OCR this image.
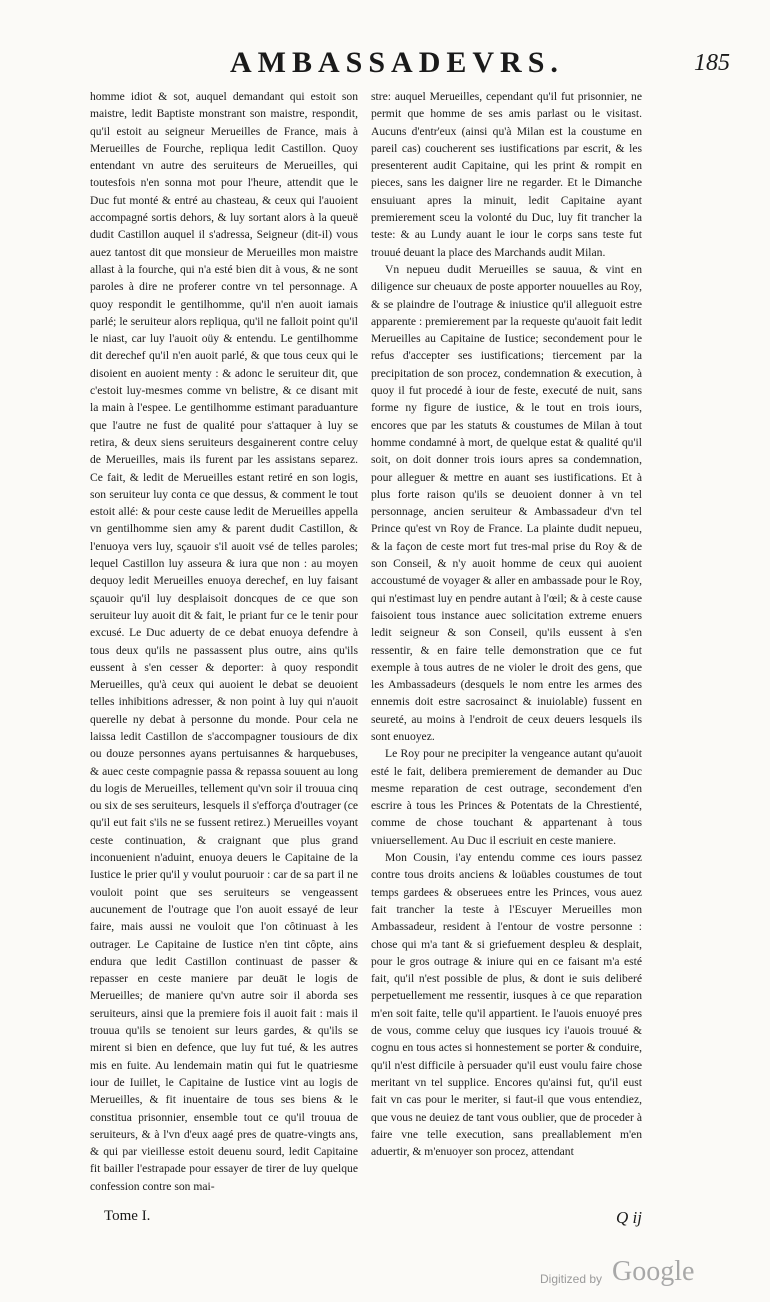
AMBASSADEVRS.	185

homme idiot & sot, auquel demandant qui estoit son maistre, ledit Baptiste monstrant son maistre, respondit, qu'il estoit au seigneur Merueilles de France, mais à Merueilles de Fourche, repliqua ledit Castillon. Quoy entendant vn autre des seruiteurs de Merueilles, qui toutesfois n'en sonna mot pour l'heure, attendit que le Duc fut monté & entré au chasteau, & ceux qui l'auoient accompagné sortis dehors, & luy sortant alors à la queuë dudit Castillon auquel il s'adressa, Seigneur (dit-il) vous auez tantost dit que monsieur de Merueilles mon maistre allast à la fourche, qui n'a esté bien dit à vous, & ne sont paroles à dire ne proferer contre vn tel personnage. A quoy respondit le gentilhomme, qu'il n'en auoit iamais parlé; le seruiteur alors repliqua, qu'il ne falloit point qu'il le niast, car luy l'auoit oüy & entendu. Le gentilhomme dit derechef qu'il n'en auoit parlé, & que tous ceux qui le disoient en auoient menty : & adonc le seruiteur dit, que c'estoit luy-mesmes comme vn belistre, & ce disant mit la main à l'espee. Le gentilhomme estimant paraduanture que l'autre ne fust de qualité pour s'attaquer à luy se retira, & deux siens seruiteurs desgainerent contre celuy de Merueilles, mais ils furent par les assistans separez. Ce fait, & ledit de Merueilles estant retiré en son logis, son seruiteur luy conta ce que dessus, & comment le tout estoit allé: & pour ceste cause ledit de Merueilles appella vn gentilhomme sien amy & parent dudit Castillon, & l'enuoya vers luy, sçauoir s'il auoit vsé de telles paroles; lequel Castillon luy asseura & iura que non : au moyen dequoy ledit Merueilles enuoya derechef, en luy faisant sçauoir qu'il luy desplaisoit doncques de ce que son seruiteur luy auoit dit & fait, le priant fur ce le tenir pour excusé. Le Duc aduerty de ce debat enuoya defendre à tous deux qu'ils ne passassent plus outre, ains qu'ils eussent à s'en cesser & deporter: à quoy respondit Merueilles, qu'à ceux qui auoient le debat se deuoient telles inhibitions adresser, & non point à luy qui n'auoit querelle ny debat à personne du monde. Pour cela ne laissa ledit Castillon de s'accompagner tousiours de dix ou douze personnes ayans pertuisannes & harquebuses, & auec ceste compagnie passa & repassa souuent au long du logis de Merueilles, tellement qu'vn soir il trouua cinq ou six de ses seruiteurs, lesquels il s'efforça d'outrager (ce qu'il eut fait s'ils ne se fussent retirez.) Merueilles voyant ceste continuation, & craignant que plus grand inconuenient n'aduint, enuoya deuers le Capitaine de la Iustice le prier qu'il y voulut pouruoir : car de sa part il ne vouloit point que ses seruiteurs se vengeassent aucunement de l'outrage que l'on auoit essayé de leur faire, mais aussi ne vouloit que l'on côtinuast à les outrager. Le Capitaine de Iustice n'en tint côpte, ains endura que ledit Castillon continuast de passer & repasser en ceste maniere par deuāt le logis de Merueilles; de maniere qu'vn autre soir il aborda ses seruiteurs, ainsi que la premiere fois il auoit fait : mais il trouua qu'ils se tenoient sur leurs gardes, & qu'ils se mirent si bien en defence, que luy fut tué, & les autres mis en fuite. Au lendemain matin qui fut le quatriesme iour de Iuillet, le Capitaine de Iustice vint au logis de Merueilles, & fit inuentaire de tous ses biens & le constitua prisonnier, ensemble tout ce qu'il trouua de seruiteurs, & à l'vn d'eux aagé pres de quatre-vingts ans, & qui par vieillesse estoit deuenu sourd, ledit Capitaine fit bailler l'estrapade pour essayer de tirer de luy quelque confession contre son mai-

stre: auquel Merueilles, cependant qu'il fut prisonnier, ne permit que homme de ses amis parlast ou le visitast. Aucuns d'entr'eux (ainsi qu'à Milan est la coustume en pareil cas) coucherent ses iustifications par escrit, & les presenterent audit Capitaine, qui les print & rompit en pieces, sans les daigner lire ne regarder. Et le Dimanche ensuiuant apres la minuit, ledit Capitaine ayant premierement sceu la volonté du Duc, luy fit trancher la teste: & au Lundy auant le iour le corps sans teste fut trouué deuant la place des Marchands audit Milan.

Vn nepueu dudit Merueilles se sauua, & vint en diligence sur cheuaux de poste apporter nouuelles au Roy, & se plaindre de l'outrage & iniustice qu'il alleguoit estre apparente : premierement par la requeste qu'auoit fait ledit Merueilles au Capitaine de Iustice; secondement pour le refus d'accepter ses iustifications; tiercement par la precipitation de son procez, condemnation & execution, à quoy il fut procedé à iour de feste, executé de nuit, sans forme ny figure de iustice, & le tout en trois iours, encores que par les statuts & coustumes de Milan à tout homme condamné à mort, de quelque estat & qualité qu'il soit, on doit donner trois iours apres sa condemnation, pour alleguer & mettre en auant ses iustifications. Et à plus forte raison qu'ils se deuoient donner à vn tel personnage, ancien seruiteur & Ambassadeur d'vn tel Prince qu'est vn Roy de France. La plainte dudit nepueu, & la façon de ceste mort fut tres-mal prise du Roy & de son Conseil, & n'y auoit homme de ceux qui auoient accoustumé de voyager & aller en ambassade pour le Roy, qui n'estimast luy en pendre autant à l'œil; & à ceste cause faisoient tous instance auec solicitation extreme enuers ledit seigneur & son Conseil, qu'ils eussent à s'en ressentir, & en faire telle demonstration que ce fut exemple à tous autres de ne violer le droit des gens, que les Ambassadeurs (desquels le nom entre les armes des ennemis doit estre sacrosainct & inuiolable) fussent en seureté, au moins à l'endroit de ceux deuers lesquels ils sont enuoyez.

Le Roy pour ne precipiter la vengeance autant qu'auoit esté le fait, delibera premierement de demander au Duc mesme reparation de cest outrage, secondement d'en escrire à tous les Princes & Potentats de la Chrestienté, comme de chose touchant & appartenant à tous vniuersellement. Au Duc il escriuit en ceste maniere.

Mon Cousin, i'ay entendu comme ces iours passez contre tous droits anciens & loüables coustumes de tout temps gardees & obseruees entre les Princes, vous auez fait trancher la teste à l'Escuyer Merueilles mon Ambassadeur, resident à l'entour de vostre personne : chose qui m'a tant & si griefuement despleu & desplait, pour le gros outrage & iniure qui en ce faisant m'a esté fait, qu'il n'est possible de plus, & dont ie suis deliberé perpetuellement me ressentir, iusques à ce que reparation m'en soit faite, telle qu'il appartient. Ie l'auois enuoyé pres de vous, comme celuy que iusques icy i'auois trouué & cognu en tous actes si honnestement se porter & conduire, qu'il n'est difficile à persuader qu'il eust voulu faire chose meritant vn tel supplice. Encores qu'ainsi fut, qu'il eust fait vn cas pour le meriter, si faut-il que vous entendiez, que vous ne deuiez de tant vous oublier, que de proceder à faire vne telle execution, sans preallablement m'en aduertir, & m'enuoyer son procez, attendant

Tome I.	Q ij
Digitized by Google
